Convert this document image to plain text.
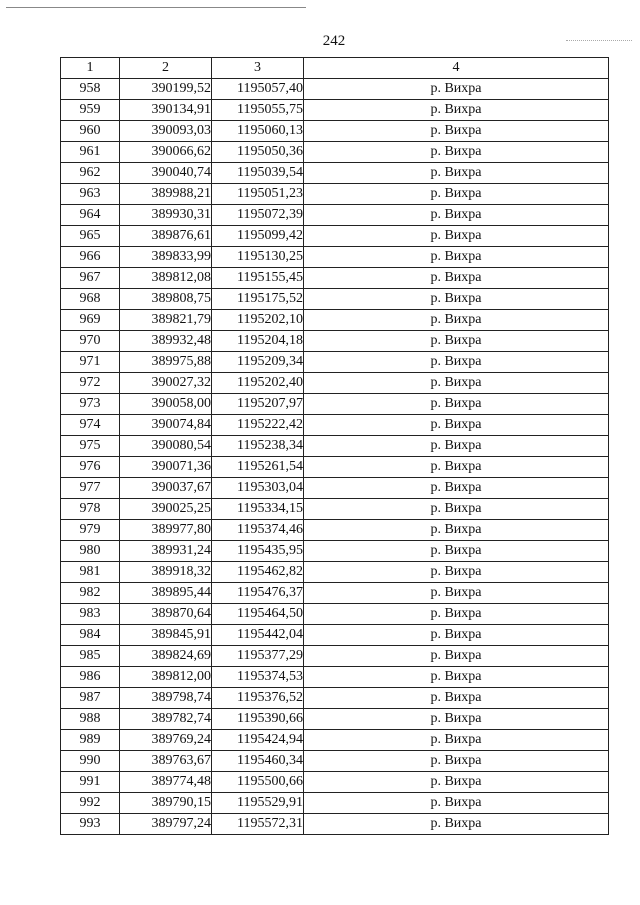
242
1	2	3	4
958	390199,52	1195057,40	р. Вихра
959	390134,91	1195055,75	р. Вихра
960	390093,03	1195060,13	р. Вихра
961	390066,62	1195050,36	р. Вихра
962	390040,74	1195039,54	р. Вихра
963	389988,21	1195051,23	р. Вихра
964	389930,31	1195072,39	р. Вихра
965	389876,61	1195099,42	р. Вихра
966	389833,99	1195130,25	р. Вихра
967	389812,08	1195155,45	р. Вихра
968	389808,75	1195175,52	р. Вихра
969	389821,79	1195202,10	р. Вихра
970	389932,48	1195204,18	р. Вихра
971	389975,88	1195209,34	р. Вихра
972	390027,32	1195202,40	р. Вихра
973	390058,00	1195207,97	р. Вихра
974	390074,84	1195222,42	р. Вихра
975	390080,54	1195238,34	р. Вихра
976	390071,36	1195261,54	р. Вихра
977	390037,67	1195303,04	р. Вихра
978	390025,25	1195334,15	р. Вихра
979	389977,80	1195374,46	р. Вихра
980	389931,24	1195435,95	р. Вихра
981	389918,32	1195462,82	р. Вихра
982	389895,44	1195476,37	р. Вихра
983	389870,64	1195464,50	р. Вихра
984	389845,91	1195442,04	р. Вихра
985	389824,69	1195377,29	р. Вихра
986	389812,00	1195374,53	р. Вихра
987	389798,74	1195376,52	р. Вихра
988	389782,74	1195390,66	р. Вихра
989	389769,24	1195424,94	р. Вихра
990	389763,67	1195460,34	р. Вихра
991	389774,48	1195500,66	р. Вихра
992	389790,15	1195529,91	р. Вихра
993	389797,24	1195572,31	р. Вихра
